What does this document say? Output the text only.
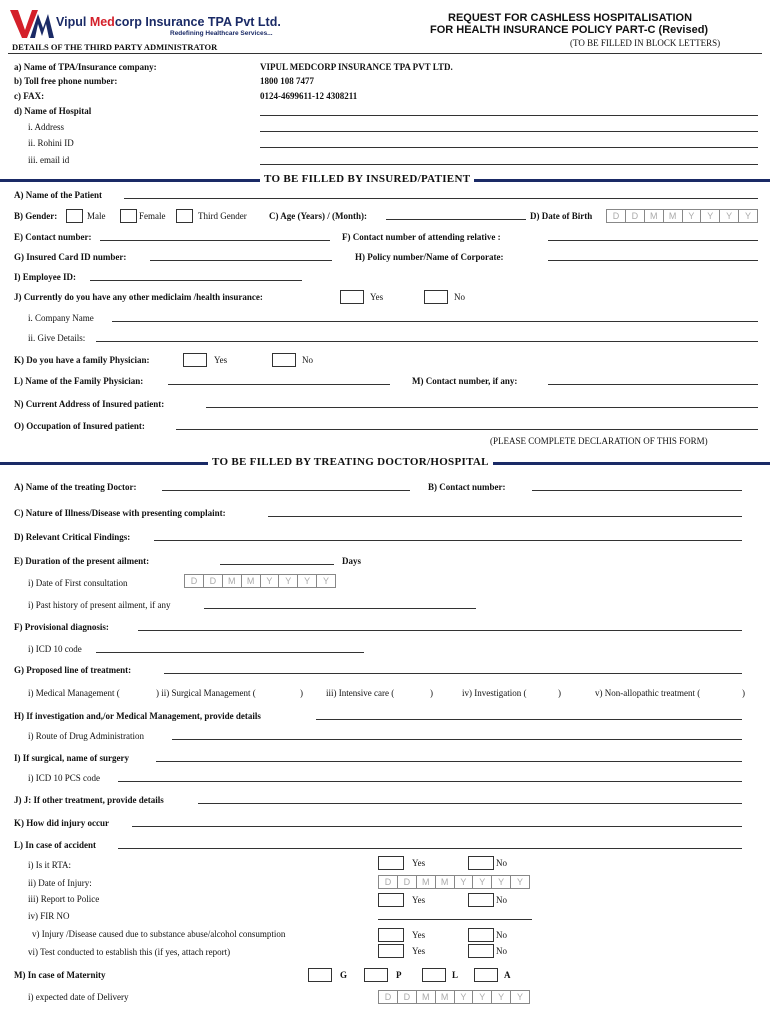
Vipul Medcorp Insurance TPA Pvt Ltd.
Redefining Healthcare Services...
REQUEST FOR CASHLESS HOSPITALISATION
FOR HEALTH INSURANCE POLICY PART-C (Revised)
(TO BE FILLED IN BLOCK LETTERS)
DETAILS OF THE THIRD PARTY ADMINISTRATOR
a) Name of TPA/Insurance company:	VIPUL MEDCORP INSURANCE TPA PVT LTD.
b) Toll free phone number:	1800 108 7477
c) FAX:	0124-4699611-12 4308211
d) Name of Hospital
i. Address
ii. Rohini ID
iii. email id
TO BE FILLED BY INSURED/PATIENT
A) Name of the Patient
B) Gender:	Male	Female	Third Gender C) Age (Years) / (Month):	D) Date of Birth	D	D	M	M	Y	Y	Y	Y
E) Contact number:	F) Contact number of attending relative :
G) Insured Card ID number:	H) Policy number/Name of Corporate:
I) Employee ID:
J) Currently do you have any other mediclaim /health insurance:	Yes	No
i. Company Name
ii. Give Details:
K) Do you have a family Physician:	Yes	No
L) Name of the Family Physician:	M) Contact number, if any:
N) Current Address of Insured patient:
O) Occupation of Insured patient:
(PLEASE COMPLETE DECLARATION OF THIS FORM)
TO BE FILLED BY TREATING DOCTOR/HOSPITAL
A) Name of the treating Doctor:	B) Contact number:
C) Nature of Illness/Disease with presenting complaint:
D) Relevant Critical Findings:
E) Duration of the present ailment:	Days
i) Date of First consultation	D	D	M	M	Y	Y	Y	Y
i) Past history of present ailment, if any
F) Provisional diagnosis:
i) ICD 10 code
G) Proposed line of treatment:
i) Medical Management (	) ii) Surgical Management (	)	iii) Intensive care (	)	iv) Investigation (	)	v) Non-allopathic treatment (	)
H) If investigation and,/or Medical Management, provide details
i) Route of Drug Administration
I) If surgical, name of surgery
i) ICD 10 PCS code
J) J: If other treatment, provide details
K) How did injury occur
L) In case of accident
i) Is it RTA:	Yes	No
ii) Date of Injury:	D	D	M	M	Y	Y	Y	Y
iii) Report to Police	Yes	No
iv) FIR NO
v) Injury /Disease caused due to substance abuse/alcohol consumption	Yes	No
vi) Test conducted to establish this (if yes, attach report)	Yes	No
M) In case of Maternity	G	P	L	A
i) expected date of Delivery	D	D	M	M	Y	Y	Y	Y
